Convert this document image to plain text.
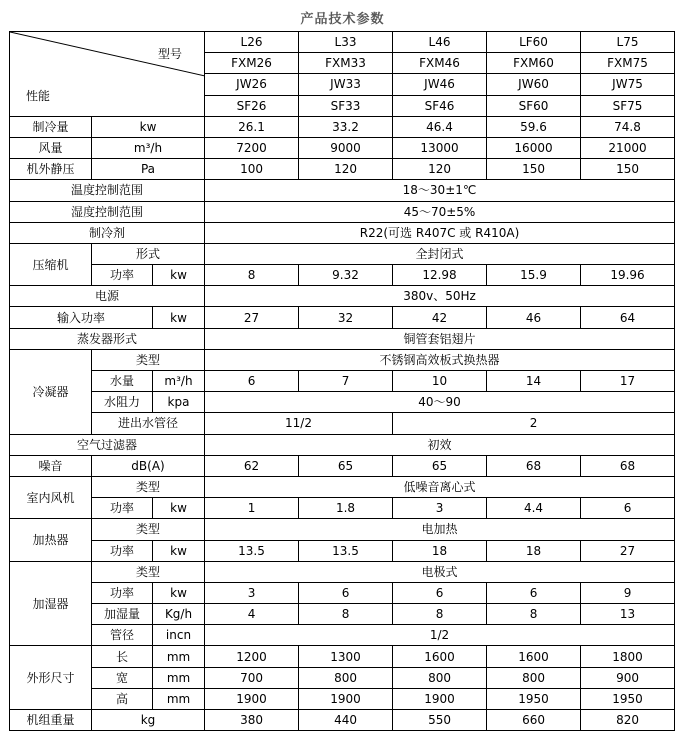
产品技术参数
型号
性能			L26	L33	L46	LF60	L75
			FXM26	FXM33	FXM46	FXM60	FXM75
			JW26	JW33	JW46	JW60	JW75
			SF26	SF33	SF46	SF60	SF75
制冷量	kw		26.1	33.2	46.4	59.6	74.8
风量	m³/h		7200	9000	13000	16000	21000
机外静压	Pa		100	120	120	150	150
温度控制范围			18～30±1℃				
湿度控制范围			45～70±5%				
制冷剂			R22(可选 R407C 或 R410A)				
压缩机	形式		全封闭式				
	功率	kw	8	9.32	12.98	15.9	19.96
电源			380v、50Hz				
输入功率		kw	27	32	42	46	64
蒸发器形式			铜管套铝翅片				
冷凝器	类型		不锈钢高效板式换热器				
	水量	m³/h	6	7	10	14	17
	水阻力	kpa	40～90				
	进出水管径		11/2		2		
空气过滤器			初效				
噪音	dB(A)		62	65	65	68	68
室内风机	类型		低噪音离心式				
	功率	kw	1	1.8	3	4.4	6
加热器	类型		电加热				
	功率	kw	13.5	13.5	18	18	27
加湿器	类型		电极式				
	功率	kw	3	6	6	6	9
	加湿量	Kg/h	4	8	8	8	13
	管径	incn	1/2				
外形尺寸	长	mm	1200	1300	1600	1600	1800
	宽	mm	700	800	800	800	900
	高	mm	1900	1900	1900	1950	1950
机组重量	kg		380	440	550	660	820
